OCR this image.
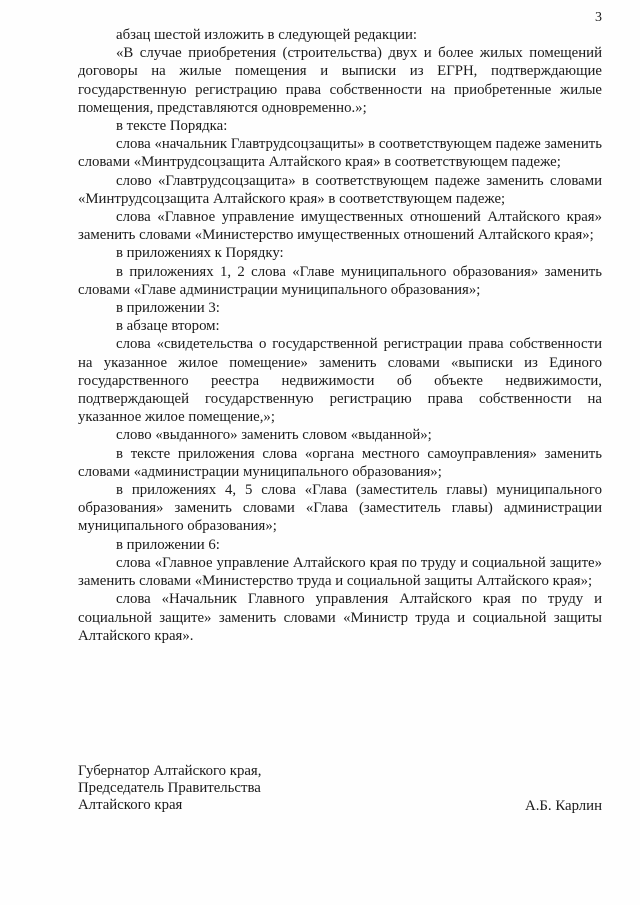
3

абзац шестой изложить в следующей редакции:

«В случае приобретения (строительства) двух и более жилых помещений договоры на жилые помещения и выписки из ЕГРН, подтверждающие государственную регистрацию права собственности на приобретенные жилые помещения, представляются одновременно.»;

в тексте Порядка:

слова «начальник Главтрудсоцзащиты» в соответствующем падеже заменить словами «Минтрудсоцзащита Алтайского края» в соответствующем падеже;

слово «Главтрудсоцзащита» в соответствующем падеже заменить словами «Минтрудсоцзащита Алтайского края» в соответствующем падеже;

слова «Главное управление имущественных отношений Алтайского края» заменить словами «Министерство имущественных отношений Алтайского края»;

в приложениях к Порядку:

в приложениях 1, 2 слова «Главе муниципального образования» заменить словами «Главе администрации муниципального образования»;

в приложении 3:

в абзаце втором:

слова «свидетельства о государственной регистрации права собственности на указанное жилое помещение» заменить словами «выписки из Единого государственного реестра недвижимости об объекте недвижимости, подтверждающей государственную регистрацию права собственности на указанное жилое помещение,»;

слово «выданного» заменить словом «выданной»;

в тексте приложения слова «органа местного самоуправления» заменить словами «администрации муниципального образования»;

в приложениях 4, 5 слова «Глава (заместитель главы) муниципального образования» заменить словами «Глава (заместитель главы) администрации муниципального образования»;

в приложении 6:

слова «Главное управление Алтайского края по труду и социальной защите» заменить словами «Министерство труда и социальной защиты Алтайского края»;

слова «Начальник Главного управления Алтайского края по труду и социальной защите» заменить словами «Министр труда и социальной защиты Алтайского края».

Губернатор Алтайского края,
Председатель Правительства
Алтайского края	А.Б. Карлин
